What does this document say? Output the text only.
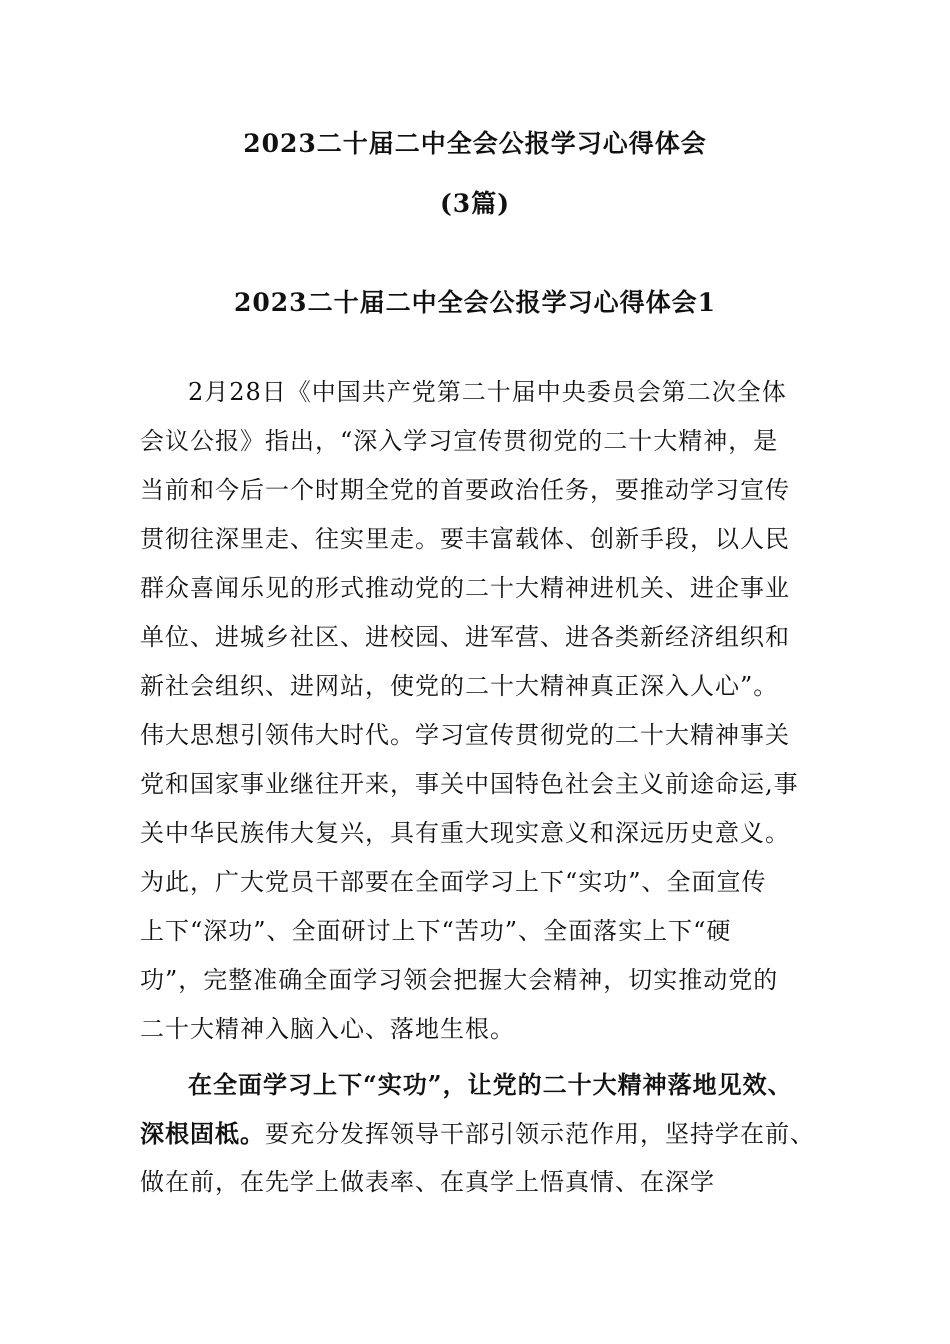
2023二十届二中全会公报学习心得体会
(3篇)
2023二十届二中全会公报学习心得体会1
2月28日《中国共产党第二十届中央委员会第二次全体
会议公报》指出，“深入学习宣传贯彻党的二十大精神，是
当前和今后一个时期全党的首要政治任务，要推动学习宣传
贯彻往深里走、往实里走。要丰富载体、创新手段，以人民
群众喜闻乐见的形式推动党的二十大精神进机关、进企事业
单位、进城乡社区、进校园、进军营、进各类新经济组织和
新社会组织、进网站，使党的二十大精神真正深入人心”。
伟大思想引领伟大时代。学习宣传贯彻党的二十大精神事关
党和国家事业继往开来，事关中国特色社会主义前途命运,事
关中华民族伟大复兴，具有重大现实意义和深远历史意义。
为此，广大党员干部要在全面学习上下“实功”、全面宣传
上下“深功”、全面研讨上下“苦功”、全面落实上下“硬
功”，完整准确全面学习领会把握大会精神，切实推动党的
二十大精神入脑入心、落地生根。
在全面学习上下“实功”，让党的二十大精神落地见效、
深根固柢。要充分发挥领导干部引领示范作用，坚持学在前、
做在前，在先学上做表率、在真学上悟真情、在深学
